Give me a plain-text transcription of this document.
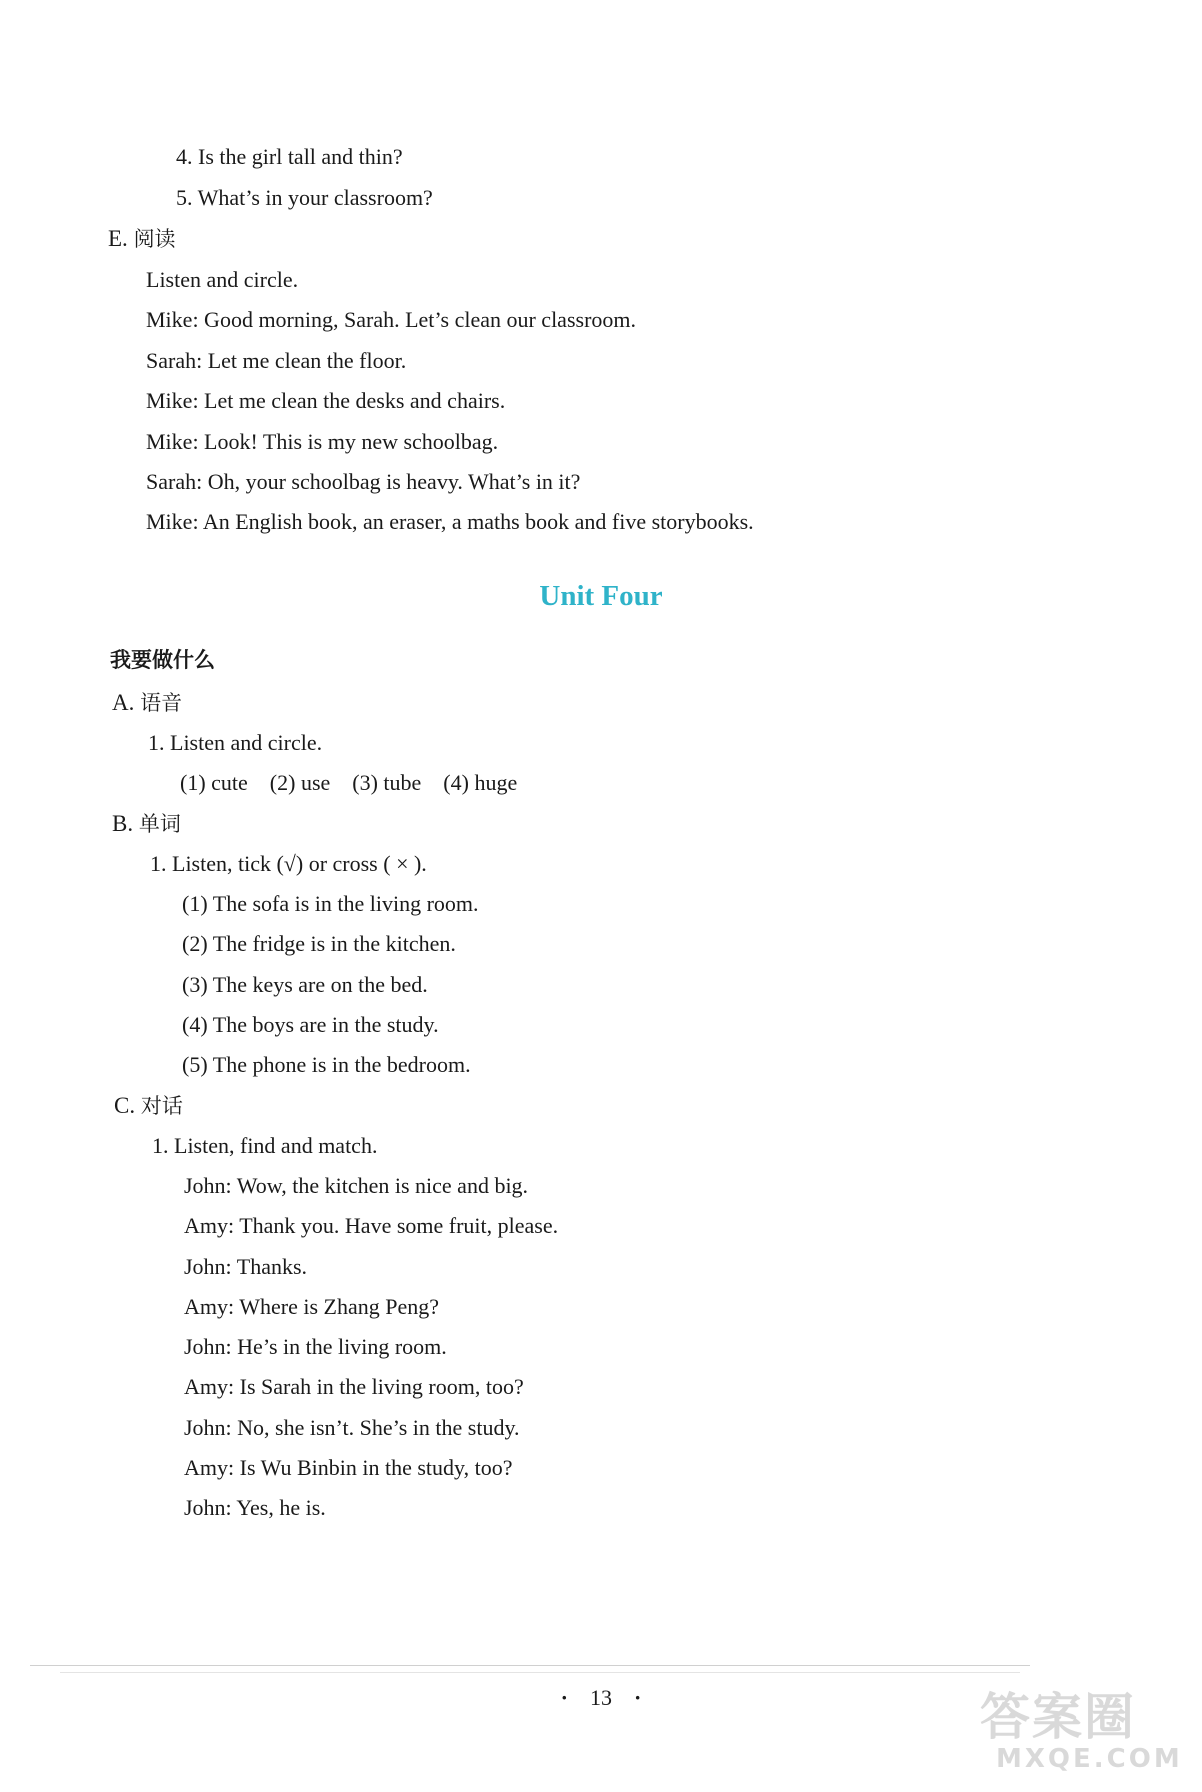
4. Is the girl tall and thin?
5. What’s in your classroom?
E. 阅读
Listen and circle.
Mike: Good morning, Sarah. Let’s clean our classroom.
Sarah: Let me clean the floor.
Mike: Let me clean the desks and chairs.
Mike: Look! This is my new schoolbag.
Sarah: Oh, your schoolbag is heavy. What’s in it?
Mike: An English book, an eraser, a maths book and five storybooks.
Unit Four
我要做什么
A. 语音
1. Listen and circle.
(1) cute    (2) use    (3) tube    (4) huge
B. 单词
1. Listen, tick (√) or cross ( × ).
(1) The sofa is in the living room.
(2) The fridge is in the kitchen.
(3) The keys are on the bed.
(4) The boys are in the study.
(5) The phone is in the bedroom.
C. 对话
1. Listen, find and match.
John: Wow, the kitchen is nice and big.
Amy: Thank you. Have some fruit, please.
John: Thanks.
Amy: Where is Zhang Peng?
John: He’s in the living room.
Amy: Is Sarah in the living room, too?
John: No, she isn’t. She’s in the study.
Amy: Is Wu Binbin in the study, too?
John: Yes, he is.
· 13 ·	答案圈
MXQE.COM
